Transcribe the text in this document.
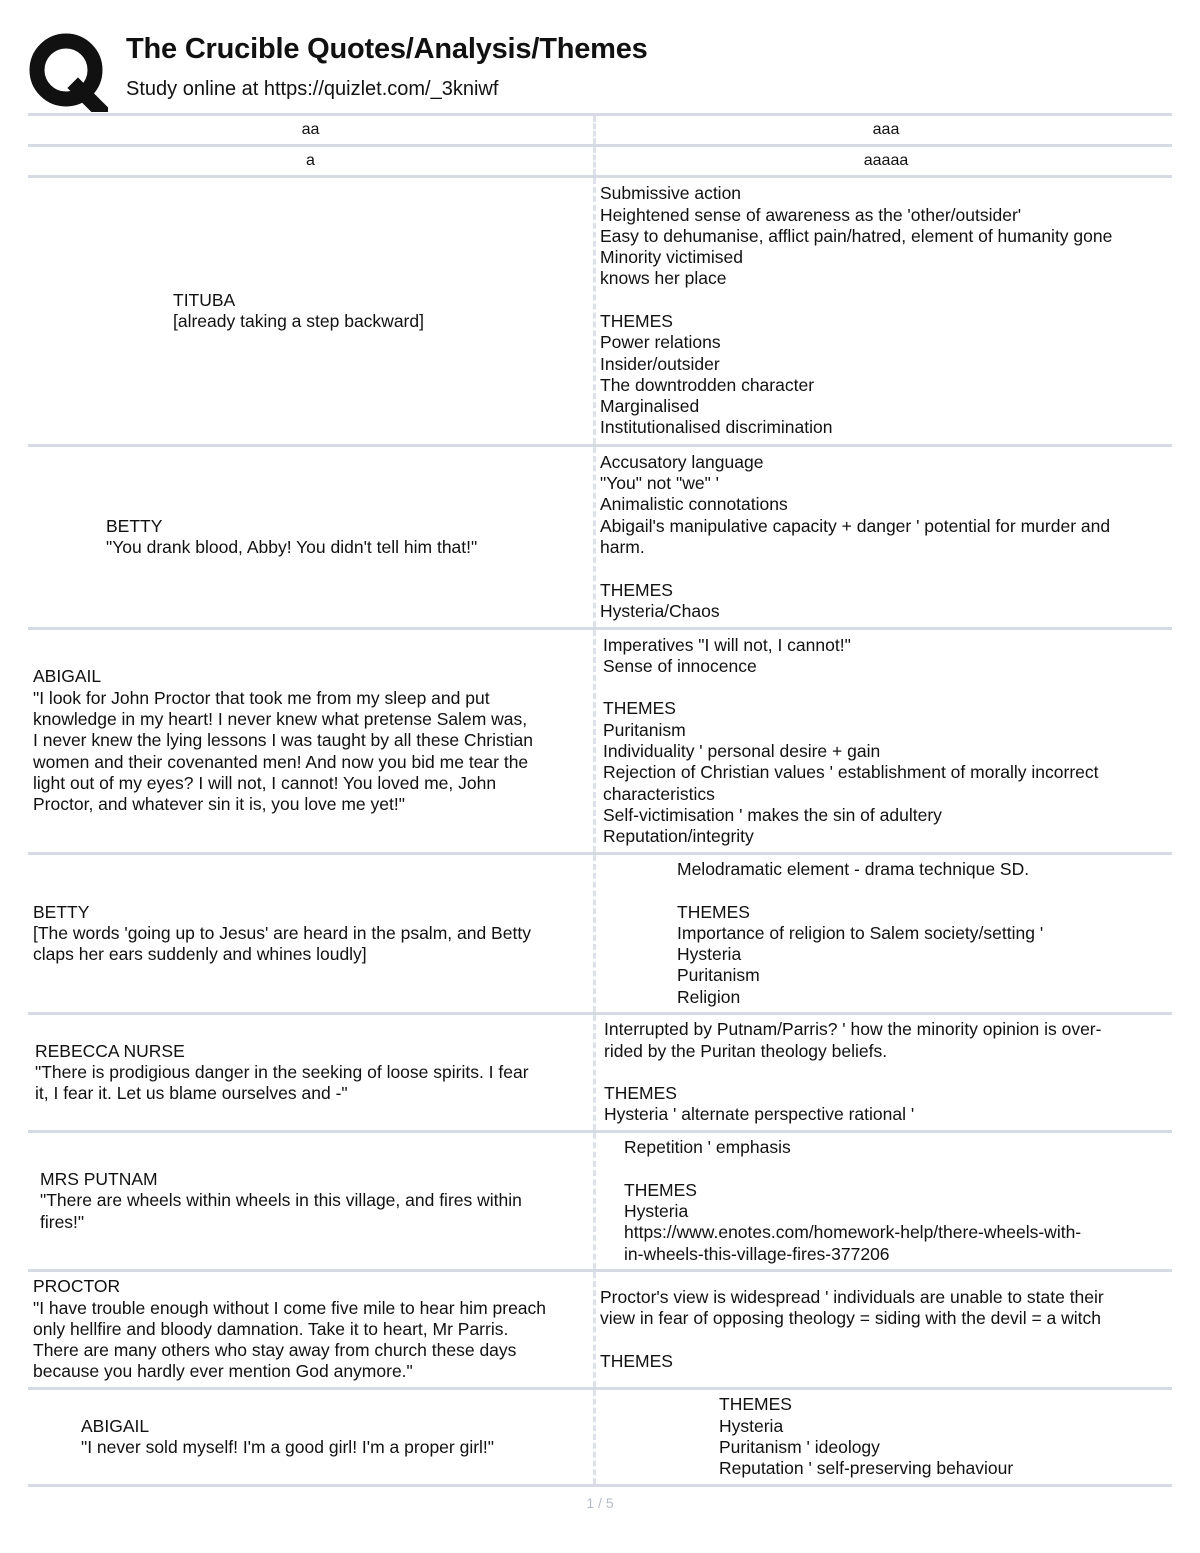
The Crucible Quotes/Analysis/Themes
Study online at https://quizlet.com/_3kniwf
aa	aaa
a	aaaaa
TITUBA
[already taking a step backward]
Submissive action
Heightened sense of awareness as the 'other/outsider'
Easy to dehumanise, afflict pain/hatred, element of humanity gone
Minority victimised
knows her place
THEMES
Power relations
Insider/outsider
The downtrodden character
Marginalised
Institutionalised discrimination
BETTY
"You drank blood, Abby! You didn't tell him that!"
Accusatory language
"You" not "we" '
Animalistic connotations
Abigail's manipulative capacity + danger ' potential for murder and
harm.
THEMES
Hysteria/Chaos
ABIGAIL
"I look for John Proctor that took me from my sleep and put
knowledge in my heart! I never knew what pretense Salem was,
I never knew the lying lessons I was taught by all these Christian
women and their covenanted men! And now you bid me tear the
light out of my eyes? I will not, I cannot! You loved me, John
Proctor, and whatever sin it is, you love me yet!"
Imperatives "I will not, I cannot!"
Sense of innocence
THEMES
Puritanism
Individuality ' personal desire + gain
Rejection of Christian values ' establishment of morally incorrect
characteristics
Self-victimisation ' makes the sin of adultery
Reputation/integrity
BETTY
[The words 'going up to Jesus' are heard in the psalm, and Betty
claps her ears suddenly and whines loudly]
Melodramatic element - drama technique SD.
THEMES
Importance of religion to Salem society/setting '
Hysteria
Puritanism
Religion
REBECCA NURSE
"There is prodigious danger in the seeking of loose spirits. I fear
it, I fear it. Let us blame ourselves and -"
Interrupted by Putnam/Parris? ' how the minority opinion is over-
rided by the Puritan theology beliefs.
THEMES
Hysteria ' alternate perspective rational '
MRS PUTNAM
"There are wheels within wheels in this village, and fires within
fires!"
Repetition ' emphasis
THEMES
Hysteria
https://www.enotes.com/homework-help/there-wheels-with-
in-wheels-this-village-fires-377206
PROCTOR
"I have trouble enough without I come five mile to hear him preach
only hellfire and bloody damnation. Take it to heart, Mr Parris.
There are many others who stay away from church these days
because you hardly ever mention God anymore."
Proctor's view is widespread ' individuals are unable to state their
view in fear of opposing theology = siding with the devil = a witch
THEMES
ABIGAIL
"I never sold myself! I'm a good girl! I'm a proper girl!"
THEMES
Hysteria
Puritanism ' ideology
Reputation ' self-preserving behaviour
1 / 5
